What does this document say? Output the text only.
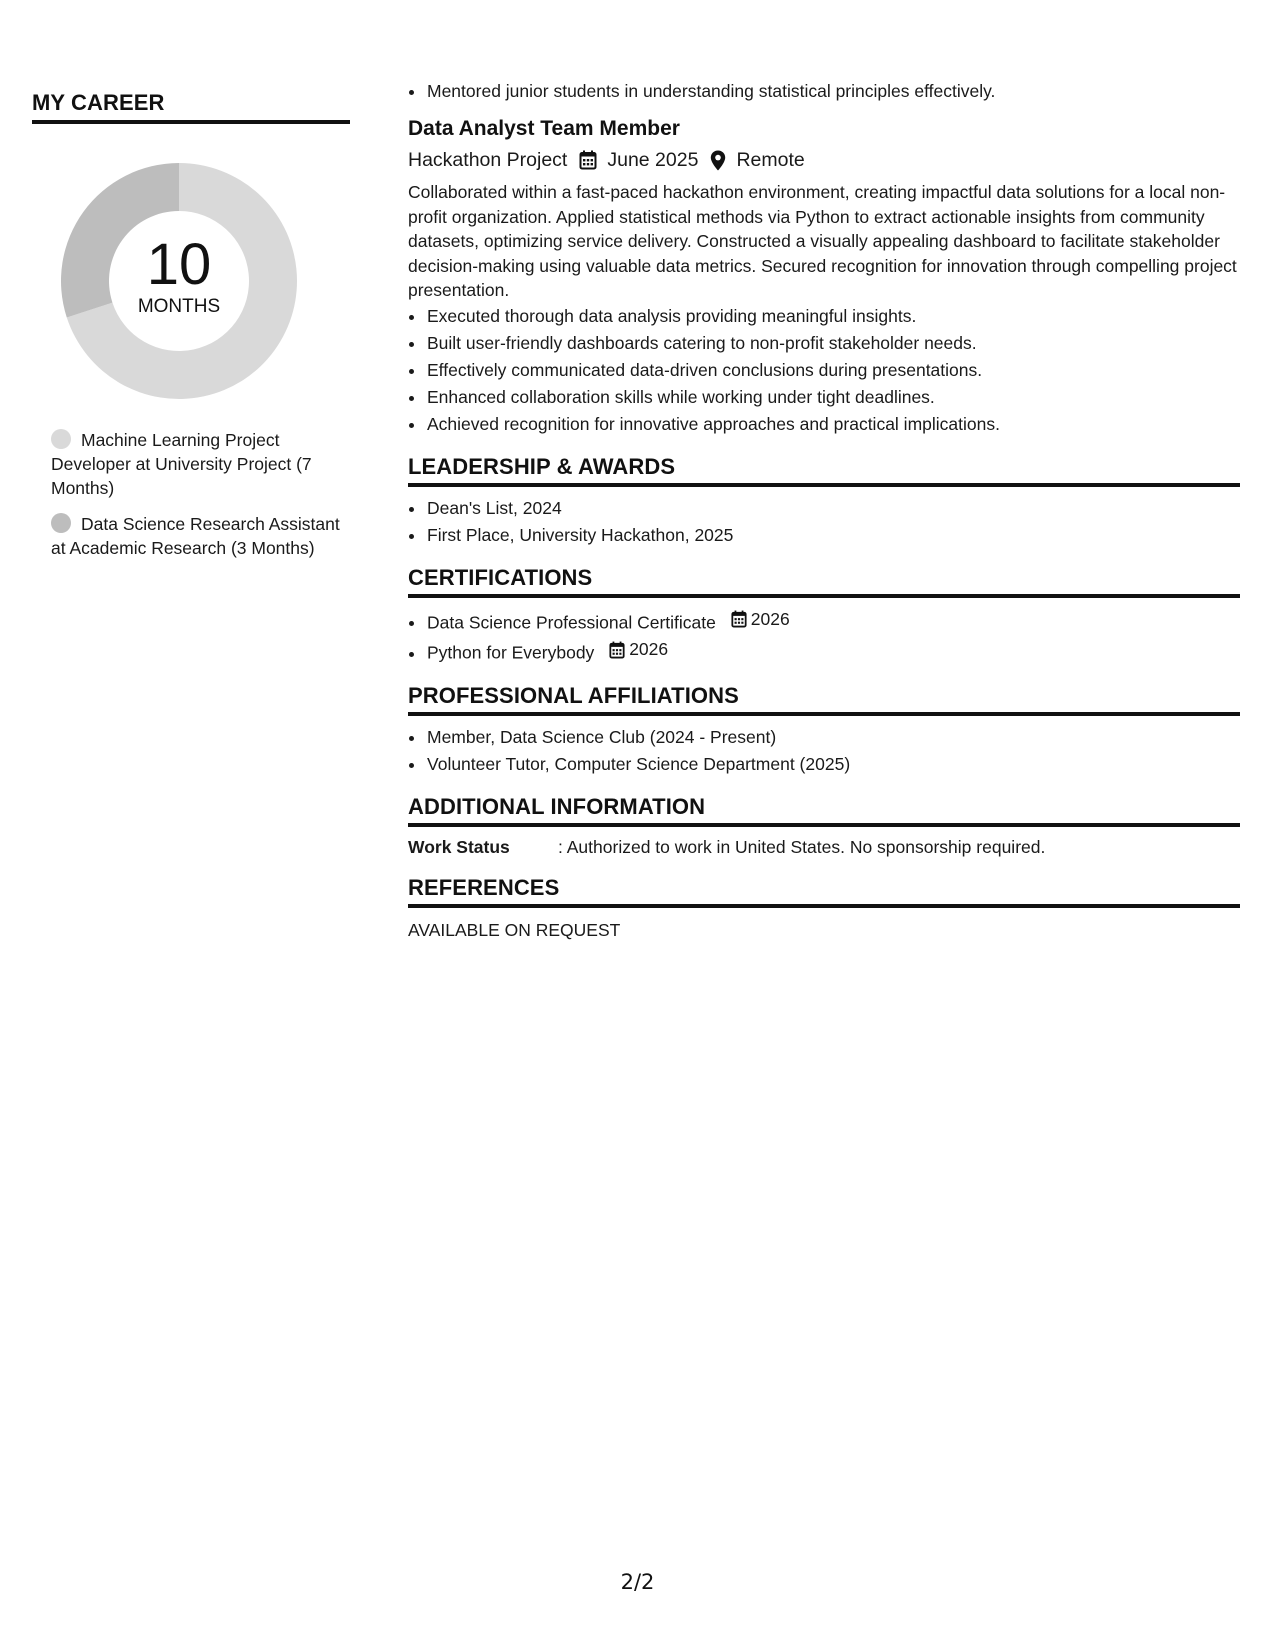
MY CAREER
10
MONTHS
Machine Learning Project Developer at University Project (7 Months)
Data Science Research Assistant at Academic Research (3 Months)
• Mentored junior students in understanding statistical principles effectively.
Data Analyst Team Member
Hackathon Project June 2025 Remote
Collaborated within a fast-paced hackathon environment, creating impactful data solutions for a local non-profit organization. Applied statistical methods via Python to extract actionable insights from community datasets, optimizing service delivery. Constructed a visually appealing dashboard to facilitate stakeholder decision-making using valuable data metrics. Secured recognition for innovation through compelling project presentation.
• Executed thorough data analysis providing meaningful insights.
• Built user-friendly dashboards catering to non-profit stakeholder needs.
• Effectively communicated data-driven conclusions during presentations.
• Enhanced collaboration skills while working under tight deadlines.
• Achieved recognition for innovative approaches and practical implications.
LEADERSHIP & AWARDS
• Dean's List, 2024
• First Place, University Hackathon, 2025
CERTIFICATIONS
• Data Science Professional Certificate 2026
• Python for Everybody 2026
PROFESSIONAL AFFILIATIONS
• Member, Data Science Club (2024 - Present)
• Volunteer Tutor, Computer Science Department (2025)
ADDITIONAL INFORMATION
Work Status	: Authorized to work in United States. No sponsorship required.
REFERENCES
AVAILABLE ON REQUEST
2/2
